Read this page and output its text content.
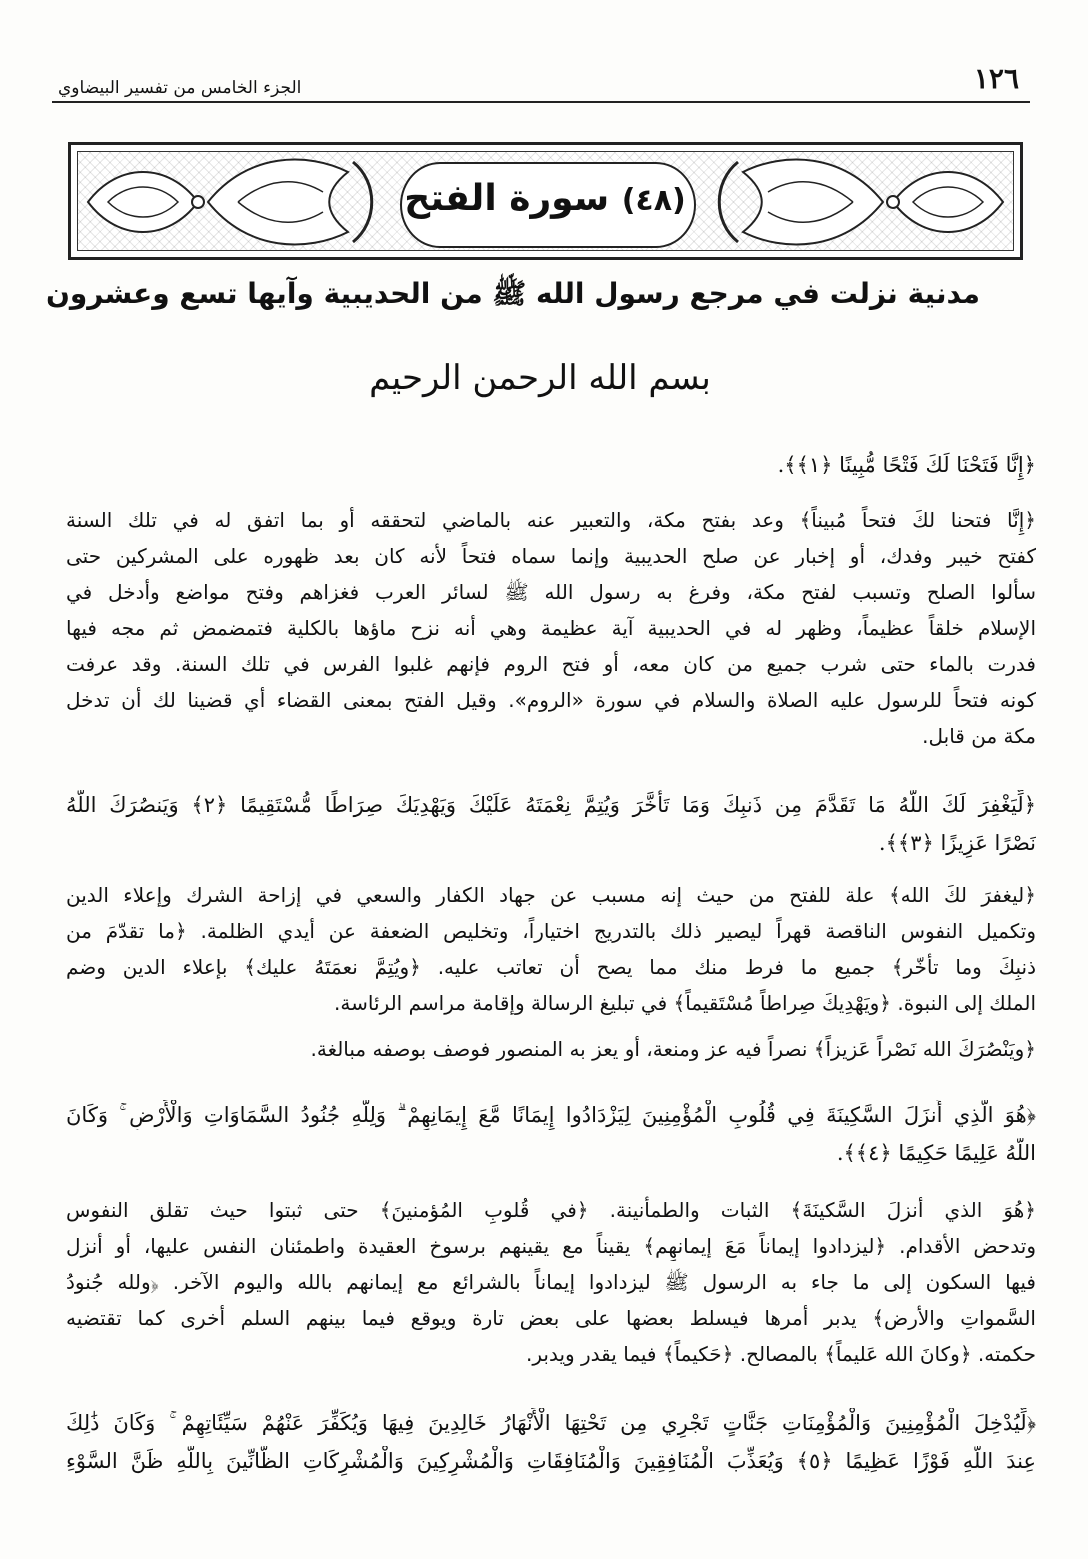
١٢٦
الجزء الخامس من تفسير البيضاوي
(٤٨) سورة الفتح
مدنية نزلت في مرجع رسول الله ﷺ من الحديبية وآيها تسع وعشرون
بسم الله الرحمن الرحيم
﴿إِنَّا فَتَحْنَا لَكَ فَتْحًا مُّبِينًا ﴿١﴾﴾.
﴿إِنَّا فتحنا لكَ فتحاً مُبيناً﴾ وعد بفتح مكة، والتعبير عنه بالماضي لتحققه أو بما اتفق له في تلك السنة
كفتح خيبر وفدك، أو إخبار عن صلح الحديبية وإنما سماه فتحاً لأنه كان بعد ظهوره على المشركين حتى
سألوا الصلح وتسبب لفتح مكة، وفرغ به رسول الله ﷺ لسائر العرب فغزاهم وفتح مواضع وأدخل في
الإسلام خلقاً عظيماً، وظهر له في الحديبية آية عظيمة وهي أنه نزح ماؤها بالكلية فتمضمض ثم مجه فيها
فدرت بالماء حتى شرب جميع من كان معه، أو فتح الروم فإنهم غلبوا الفرس في تلك السنة. وقد عرفت
كونه فتحاً للرسول عليه الصلاة والسلام في سورة «الروم». وقيل الفتح بمعنى القضاء أي قضينا لك أن تدخل
مكة من قابل.
﴿لِّيَغْفِرَ لَكَ اللَّهُ مَا تَقَدَّمَ مِن ذَنبِكَ وَمَا تَأَخَّرَ وَيُتِمَّ نِعْمَتَهُ عَلَيْكَ وَيَهْدِيَكَ صِرَاطًا مُّسْتَقِيمًا ﴿٢﴾ وَيَنصُرَكَ اللَّهُ
نَصْرًا عَزِيزًا ﴿٣﴾﴾.
﴿ليغفرَ لكَ الله﴾ علة للفتح من حيث إنه مسبب عن جهاد الكفار والسعي في إزاحة الشرك وإعلاء الدين
وتكميل النفوس الناقصة قهراً ليصير ذلك بالتدريج اختياراً، وتخليص الضعفة عن أيدي الظلمة. ﴿ما تقدّمَ من
ذنبِكَ وما تأخّر﴾ جميع ما فرط منك مما يصح أن تعاتب عليه. ﴿ويُتِمَّ نعمَتَهُ عليك﴾ بإعلاء الدين وضم
الملك إلى النبوة. ﴿ويَهْدِيكَ صِراطاً مُسْتَقيماً﴾ في تبليغ الرسالة وإقامة مراسم الرئاسة.
﴿ويَنْصُرَكَ الله نَصْراً عَزيزاً﴾ نصراً فيه عز ومنعة، أو يعز به المنصور فوصف بوصفه مبالغة.
﴿هُوَ الَّذِي أَنزَلَ السَّكِينَةَ فِي قُلُوبِ الْمُؤْمِنِينَ لِيَزْدَادُوا إِيمَانًا مَّعَ إِيمَانِهِمْ ۗ وَلِلَّهِ جُنُودُ السَّمَاوَاتِ وَالْأَرْضِ ۚ وَكَانَ
اللَّهُ عَلِيمًا حَكِيمًا ﴿٤﴾﴾.
﴿هُوَ الذي أنزلَ السَّكينَةَ﴾ الثبات والطمأنينة. ﴿في قُلوبِ المُؤمنينَ﴾ حتى ثبتوا حيث تقلق النفوس
وتدحض الأقدام. ﴿ليزدادوا إيماناً مَعَ إيمانهِم﴾ يقيناً مع يقينهم برسوخ العقيدة واطمئنان النفس عليها، أو أنزل
فيها السكون إلى ما جاء به الرسول ﷺ ليزدادوا إيماناً بالشرائع مع إيمانهم بالله واليوم الآخر. ﴿ولله جُنودُ
السَّمواتِ والأرض﴾ يدبر أمرها فيسلط بعضها على بعض تارة ويوقع فيما بينهم السلم أخرى كما تقتضيه
حكمته. ﴿وكانَ الله عَليماً﴾ بالمصالح. ﴿حَكيماً﴾ فيما يقدر ويدبر.
﴿لِّيُدْخِلَ الْمُؤْمِنِينَ وَالْمُؤْمِنَاتِ جَنَّاتٍ تَجْرِي مِن تَحْتِهَا الْأَنْهَارُ خَالِدِينَ فِيهَا وَيُكَفِّرَ عَنْهُمْ سَيِّئَاتِهِمْ ۚ وَكَانَ ذَٰلِكَ
عِندَ اللَّهِ فَوْزًا عَظِيمًا ﴿٥﴾ وَيُعَذِّبَ الْمُنَافِقِينَ وَالْمُنَافِقَاتِ وَالْمُشْرِكِينَ وَالْمُشْرِكَاتِ الظَّانِّينَ بِاللَّهِ ظَنَّ السَّوْءِ
